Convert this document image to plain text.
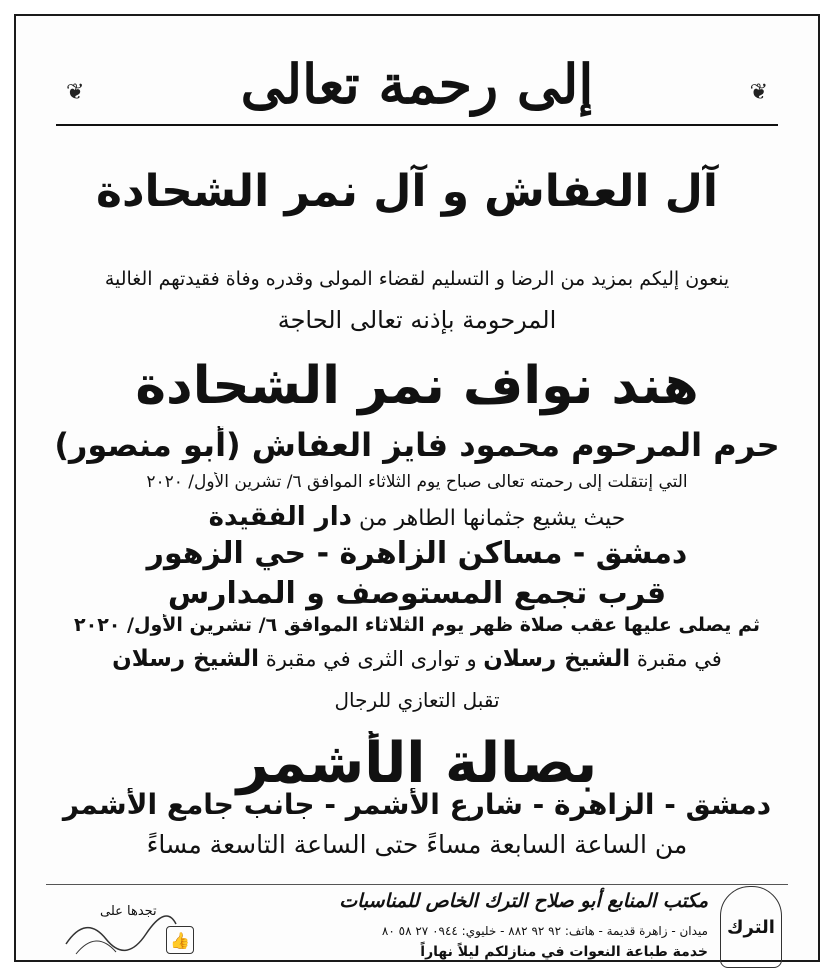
❦	إلى رحمة تعالى	❦
آل العفاش
و آل نمر الشحادة
ينعون إليكم بمزيد من الرضا و التسليم لقضاء المولى وقدره وفاة فقيدتهم الغالية
المرحومة بإذنه تعالى الحاجة
هند نواف نمر الشحادة
حرم المرحوم محمود فايز العفاش (أبو منصور)
التي إنتقلت إلى رحمته تعالى صباح يوم الثلاثاء الموافق ٦/ تشرين الأول/ ٢٠٢٠
حيث يشيع جثمانها الطاهر من دار الفقيدة
دمشق - مساكن الزاهرة - حي الزهور
قرب تجمع المستوصف و المدارس
ثم يصلى عليها عقب صلاة ظهر يوم الثلاثاء الموافق ٦/ تشرين الأول/ ٢٠٢٠
في مقبرة الشيخ رسلان و توارى الثرى في مقبرة الشيخ رسلان
تقبل التعازي للرجال
بصالة الأشمر
دمشق - الزاهرة - شارع الأشمر - جانب جامع الأشمر
من الساعة السابعة مساءً حتى الساعة التاسعة مساءً
الترك
مكتب المنابع أبو صلاح الترك الخاص للمناسبات
ميدان - زاهرة قديمة - هاتف: ٩٢ ٩٢ ٨٨٢ - خليوي: ٠٩٤٤ ٢٧ ٥٨ ٨٠
خدمة طباعة النعوات في منازلكم ليلاً نهاراً
تجدها على
👍
